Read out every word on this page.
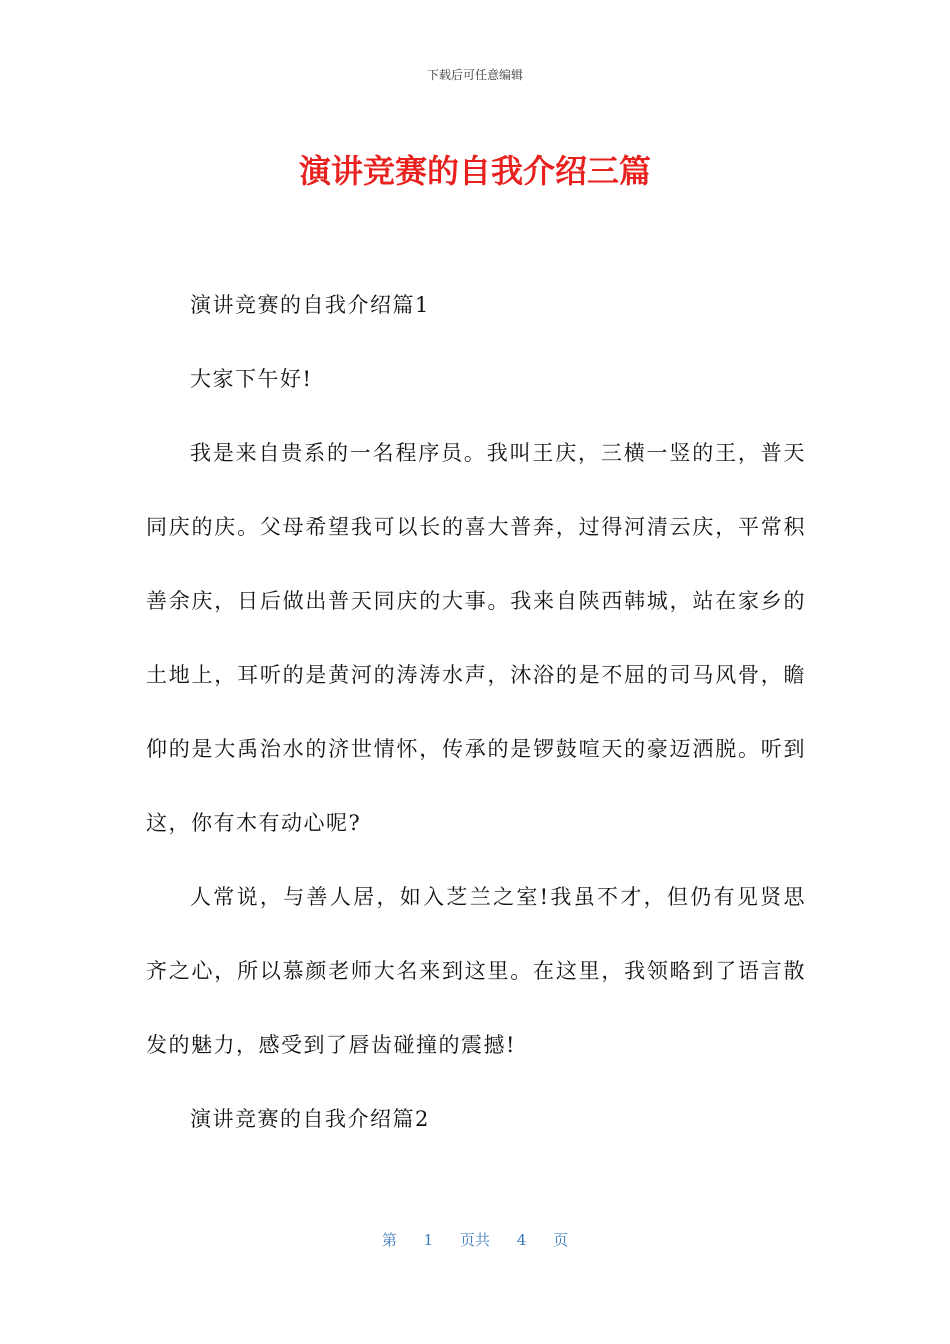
下载后可任意编辑
演讲竞赛的自我介绍三篇

演讲竞赛的自我介绍篇1

大家下午好!

我是来自贵系的一名程序员。我叫王庆，三横一竖的王，普天同庆的庆。父母希望我可以长的喜大普奔，过得河清云庆，平常积善余庆，日后做出普天同庆的大事。我来自陕西韩城，站在家乡的土地上，耳听的是黄河的涛涛水声，沐浴的是不屈的司马风骨，瞻仰的是大禹治水的济世情怀，传承的是锣鼓喧天的豪迈洒脱。听到这，你有木有动心呢?

人常说，与善人居，如入芝兰之室!我虽不才，但仍有见贤思齐之心，所以慕颜老师大名来到这里。在这里，我领略到了语言散发的魅力，感受到了唇齿碰撞的震撼!

演讲竞赛的自我介绍篇2

第 1 页共 4 页
